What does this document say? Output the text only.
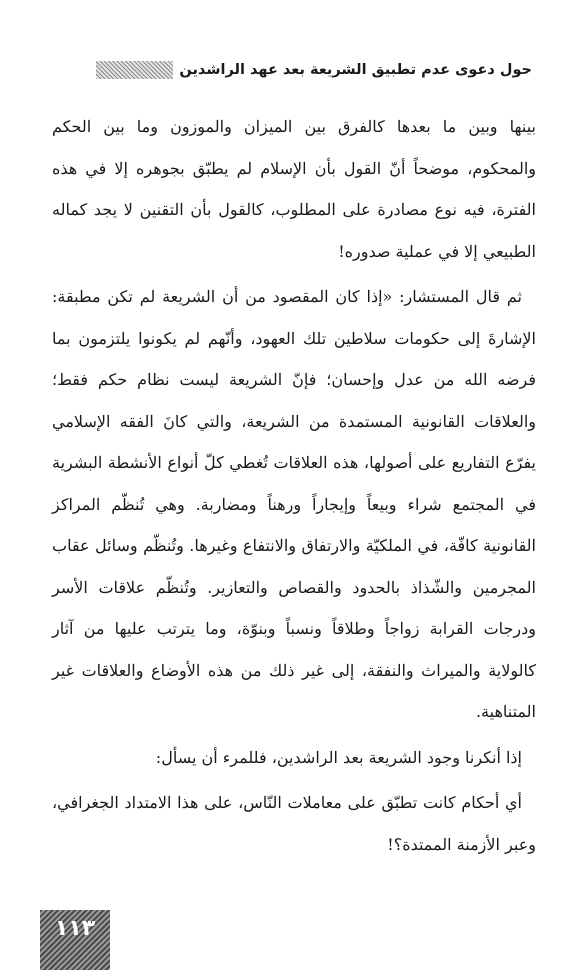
حول دعوى عدم تطبيق الشريعة بعد عهد الراشدين

بينها وبين ما بعدها كالفرق بين الميزان والموزون وما بين الحكم والمحكوم، موضحاً أنّ القول بأن الإسلام لم يطبّق بجوهره إلا في هذه الفترة، فيه نوع مصادرة على المطلوب، كالقول بأن التقنين لا يجد كماله الطبيعي إلا في عملية صدوره!

ثم قال المستشار: «إذا كان المقصود من أن الشريعة لم تكن مطبقة: الإشارةَ إلى حكومات سلاطين تلك العهود، وأنّهم لم يكونوا يلتزمون بما فرضه الله من عدل وإحسان؛ فإنّ الشريعة ليست نظام حكم فقط؛ والعلاقات القانونية المستمدة من الشريعة، والتي كانَ الفقه الإسلامي يفرّع التفاريع على أصولها، هذه العلاقات تُغطي كلّ أنواع الأنشطة البشرية في المجتمع شراء وبيعاً وإيجاراً ورهناً ومضاربة. وهي تُنظّم المراكز القانونية كافّة، في الملكيّة والارتفاق والانتفاع وغيرها. وتُنظّم وسائل عقاب المجرمين والشّذاذ بالحدود والقصاص والتعازير. وتُنظّم علاقات الأسر ودرجات القرابة زواجاً وطلاقاً ونسباً وبنوّة، وما يترتب عليها من آثار كالولاية والميراث والنفقة، إلى غير ذلك من هذه الأوضاع والعلاقات غير المتناهية.

إذا أنكرنا وجود الشريعة بعد الراشدين، فللمرء أن يسأل:

أي أحكام كانت تطبّق على معاملات النّاس، على هذا الامتداد الجغرافي، وعبر الأزمنة الممتدة؟!

١١٣
